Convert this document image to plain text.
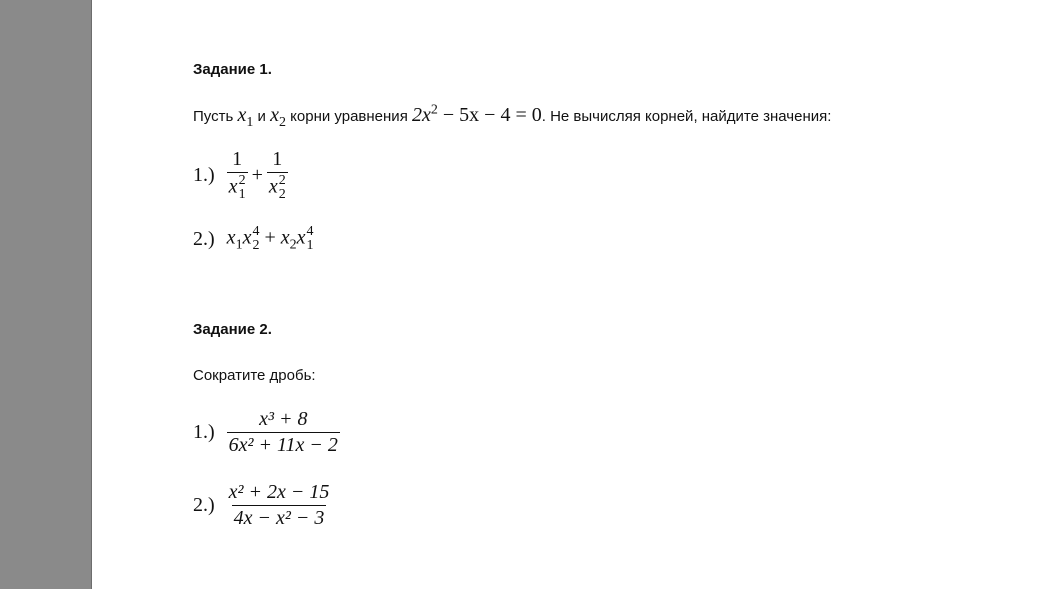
Задание 1.
Пусть $x_1$ и $x_2$ корни уравнения $2x^2 - 5x - 4 = 0$. Не вычисляя корней, найдите значения:
1.) 1
x 2
1 + 1
x 2
2
2.) $x_1x$ 4
$2 + x_2x$ 4
1
Задание 2.
Сократите дробь:
$1.) \frac{\text{x³ + 8}}{\text{6x² + 11x − 2}}$
$2.) \frac{\text{x² + 2x − 15}}{\text{4x − x² − 3}}$
